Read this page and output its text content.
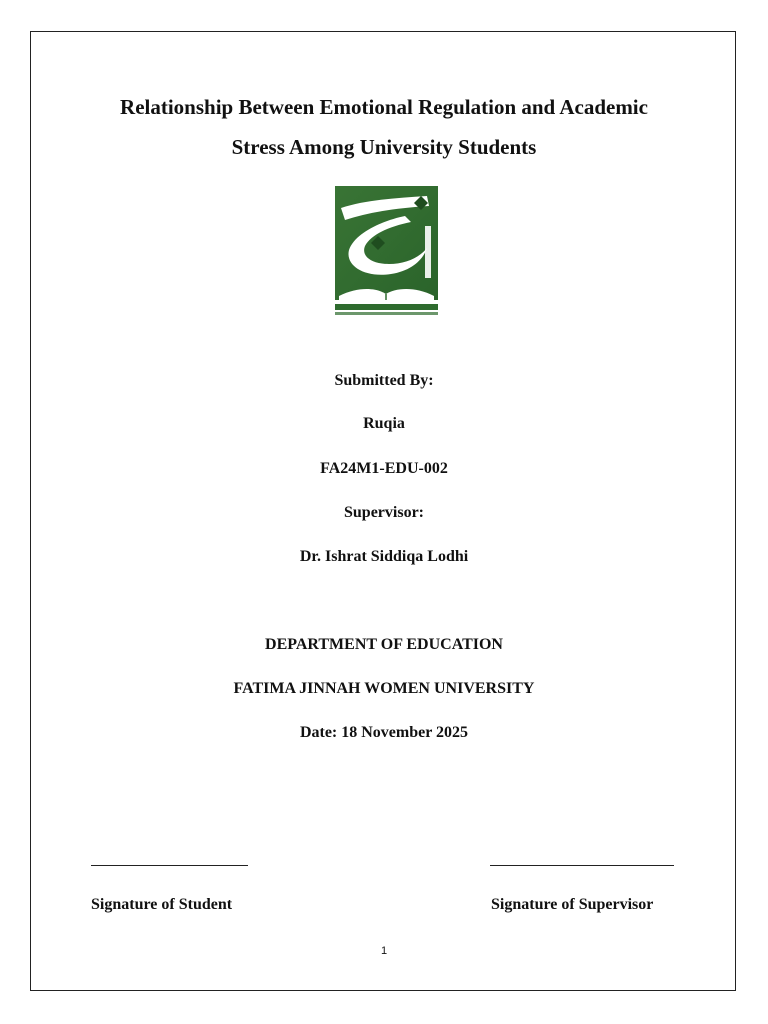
Relationship Between Emotional Regulation and Academic
Stress Among University Students
Submitted By:
Ruqia
FA24M1-EDU-002
Supervisor:
Dr. Ishrat Siddiqa Lodhi
DEPARTMENT OF EDUCATION
FATIMA JINNAH WOMEN UNIVERSITY
Date: 18 November 2025
Signature of Student	Signature of Supervisor
1
